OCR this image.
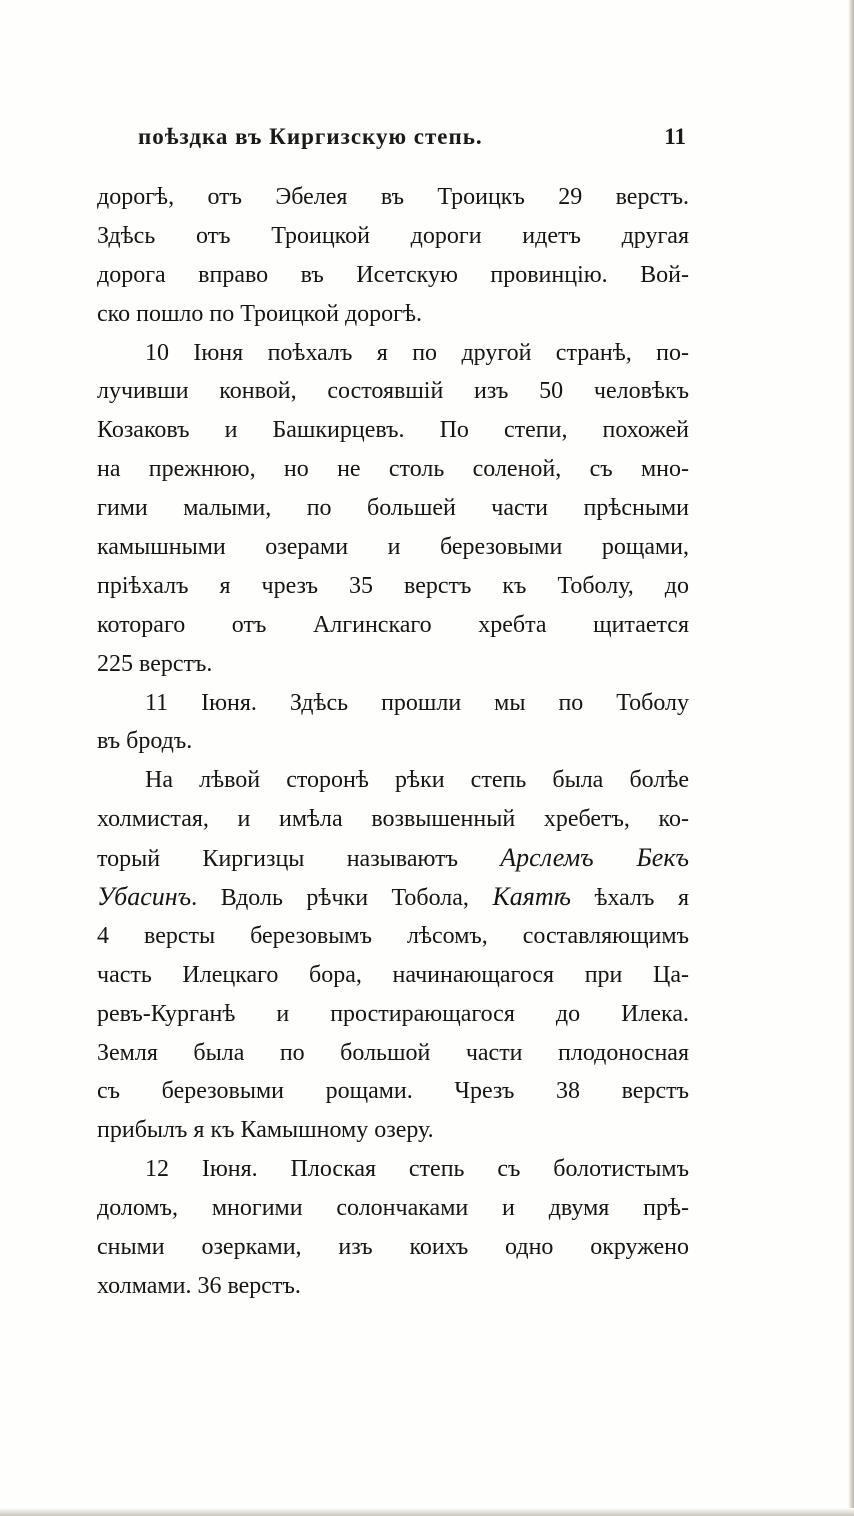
поѣздка въ Киргизскую степь.	11
дорогѣ, отъ Эбелея въ Троицкъ 29 верстъ.
Здѣсь отъ Троицкой дороги идетъ другая
дорога вправо въ Исетскую провинцію. Вой-
ско пошло по Троицкой дорогѣ.
10 Іюня поѣхалъ я по другой странѣ, по-
лучивши конвой, состоявшій изъ 50 человѣкъ
Козаковъ и Башкирцевъ. По степи, похожей
на прежнюю, но не столь соленой, съ мно-
гими малыми, по большей части прѣсными
камышными озерами и березовыми рощами,
пріѣхалъ я чрезъ 35 верстъ къ Тоболу, до
котораго отъ Алгинскаго хребта щитается
225 верстъ.
11 Іюня. Здѣсь прошли мы по Тоболу
въ бродъ.
На лѣвой сторонѣ рѣки степь была болѣе
холмистая, и имѣла возвышенный хребетъ, ко-
торый Киргизцы называютъ Арслемъ Бекъ
Убасинъ. Вдоль рѣчки Тобола, Каятѣ ѣхалъ я
4 версты березовымъ лѣсомъ, составляющимъ
часть Илецкаго бора, начинающагося при Ца-
ревъ-Курганѣ и простирающагося до Илека.
Земля была по большой части плодоносная
съ березовыми рощами. Чрезъ 38 верстъ
прибылъ я къ Камышному озеру.
12 Іюня. Плоская степь съ болотистымъ
доломъ, многими солончаками и двумя прѣ-
сными озерками, изъ коихъ одно окружено
холмами. 36 верстъ.
